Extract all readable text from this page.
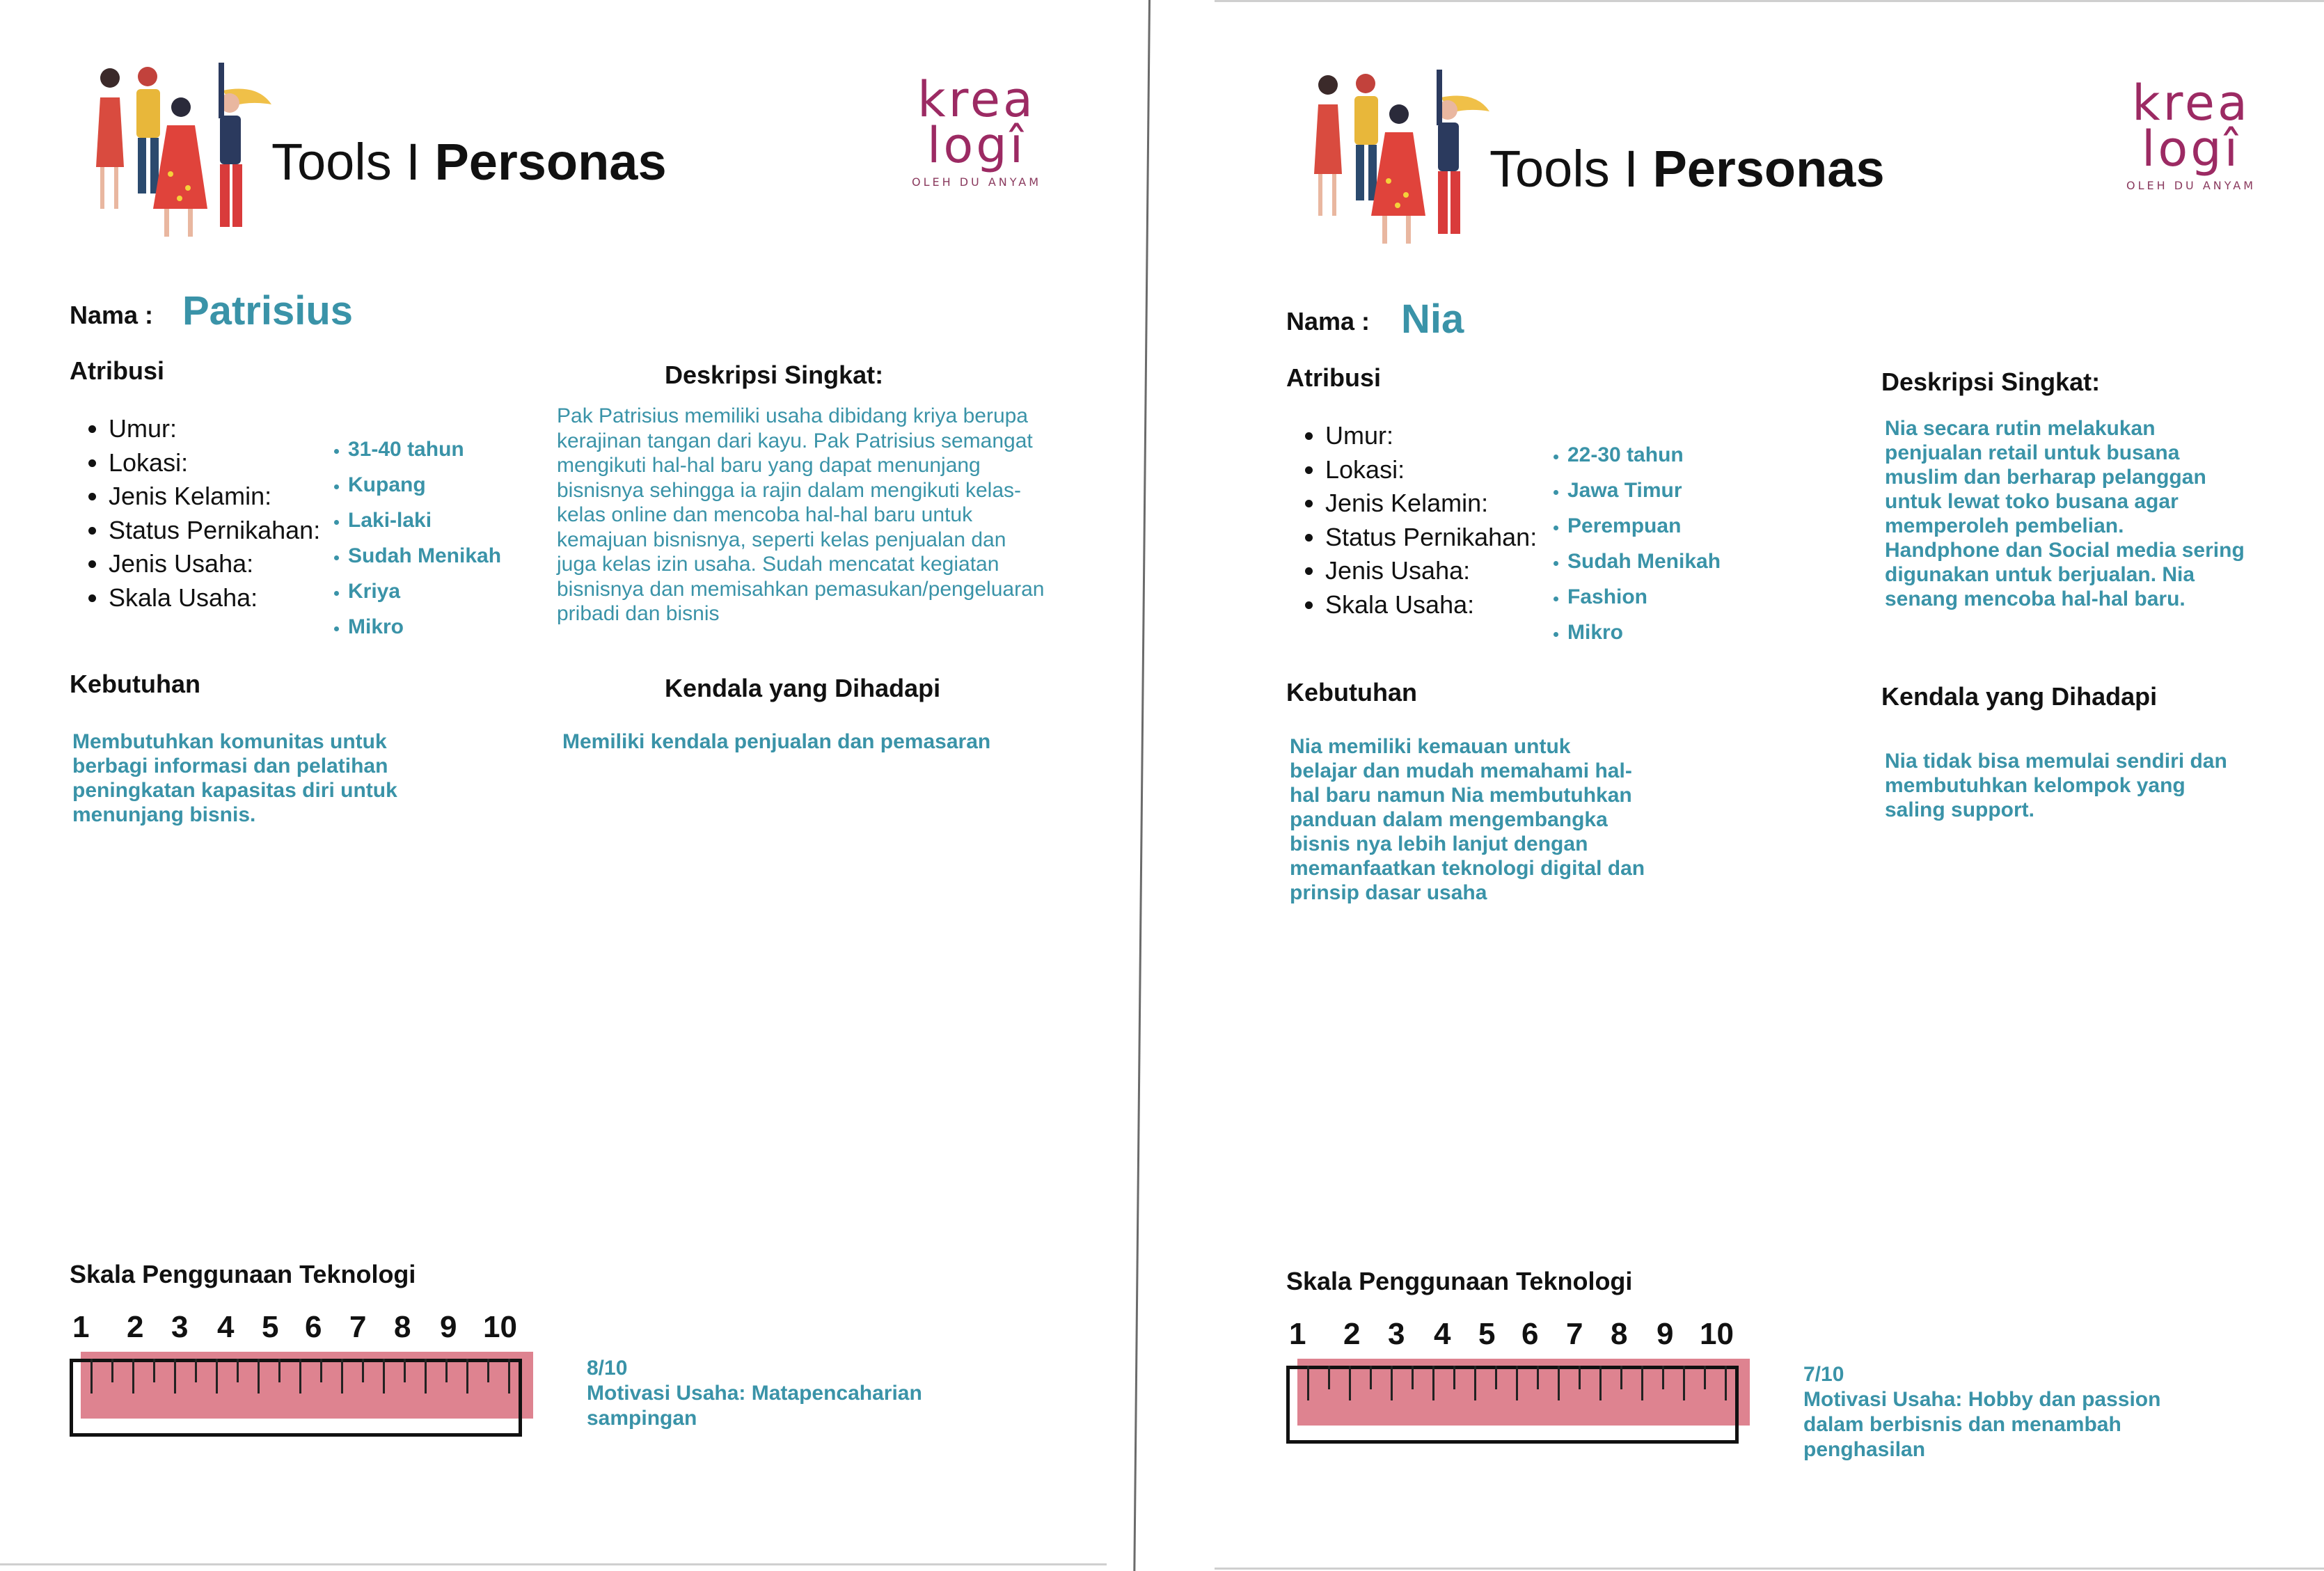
Tools I Personas
krea
logî
OLEH DU ANYAM
Nama : Patrisius
Atribusi
• Umur:
• Lokasi:
• Jenis Kelamin:
• Status Pernikahan:
• Jenis Usaha:
• Skala Usaha:
• 31-40 tahun
• Kupang
• Laki-laki
• Sudah Menikah
• Kriya
• Mikro
Deskripsi Singkat:
Pak Patrisius memiliki usaha dibidang kriya berupa
kerajinan tangan dari kayu. Pak Patrisius semangat
mengikuti hal-hal baru yang dapat menunjang
bisnisnya sehingga ia rajin dalam mengikuti kelas-
kelas online dan mencoba hal-hal baru untuk
kemajuan bisnisnya, seperti kelas penjualan dan
juga kelas izin usaha. Sudah mencatat kegiatan
bisnisnya dan memisahkan pemasukan/pengeluaran
pribadi dan bisnis
Kebutuhan
Membutuhkan komunitas untuk
berbagi informasi dan pelatihan
peningkatan kapasitas diri untuk
menunjang bisnis.
Kendala yang Dihadapi
Memiliki kendala penjualan dan pemasaran
Skala Penggunaan Teknologi
1 2 3 4 5 6 7 8 9 10
8/10
Motivasi Usaha: Matapencaharian
sampingan
Tools I Personas
krea
logî
OLEH DU ANYAM
Nama : Nia
Atribusi
• Umur:
• Lokasi:
• Jenis Kelamin:
• Status Pernikahan:
• Jenis Usaha:
• Skala Usaha:
• 22-30 tahun
• Jawa Timur
• Perempuan
• Sudah Menikah
• Fashion
• Mikro
Deskripsi Singkat:
Nia secara rutin melakukan
penjualan retail untuk busana
muslim dan berharap pelanggan
untuk lewat toko busana agar
memperoleh pembelian.
Handphone dan Social media sering
digunakan untuk berjualan. Nia
senang mencoba hal-hal baru.
Kebutuhan
Nia memiliki kemauan untuk
belajar dan mudah memahami hal-
hal baru namun Nia membutuhkan
panduan dalam mengembangka
bisnis nya lebih lanjut dengan
memanfaatkan teknologi digital dan
prinsip dasar usaha
Kendala yang Dihadapi
Nia tidak bisa memulai sendiri dan
membutuhkan kelompok yang
saling support.
Skala Penggunaan Teknologi
1 2 3 4 5 6 7 8 9 10
7/10
Motivasi Usaha: Hobby dan passion
dalam berbisnis dan menambah
penghasilan
